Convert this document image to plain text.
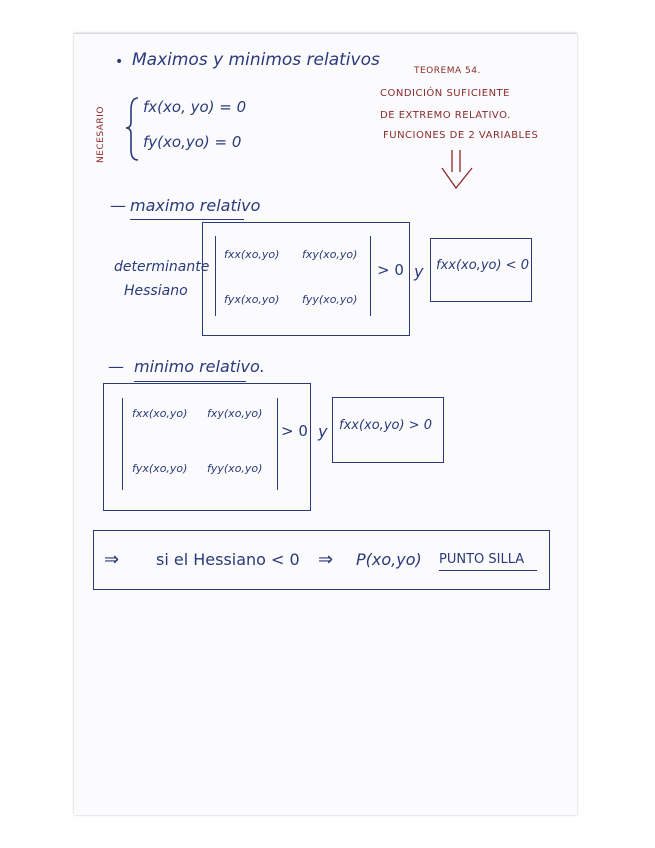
• Maximos y minimos relativos
TEOREMA 54.
CONDICIÓN SUFICIENTE
DE EXTREMO RELATIVO.
FUNCIONES DE 2 VARIABLES
NECESARIO fx(xo, yo) = 0
fy(xo,yo) = 0
— maximo relativo
determinante
Hessiano
fxx(xo,yo) fxy(xo,yo)
fyx(xo,yo) fyy(xo,yo)
> 0 y fxx(xo,yo) < 0
— minimo relativo.
fxx(xo,yo) fxy(xo,yo)
fyx(xo,yo) fyy(xo,yo)
> 0 y fxx(xo,yo) > 0
⇒ si el Hessiano < 0 ⇒ P(xo,yo) PUNTO SILLA
